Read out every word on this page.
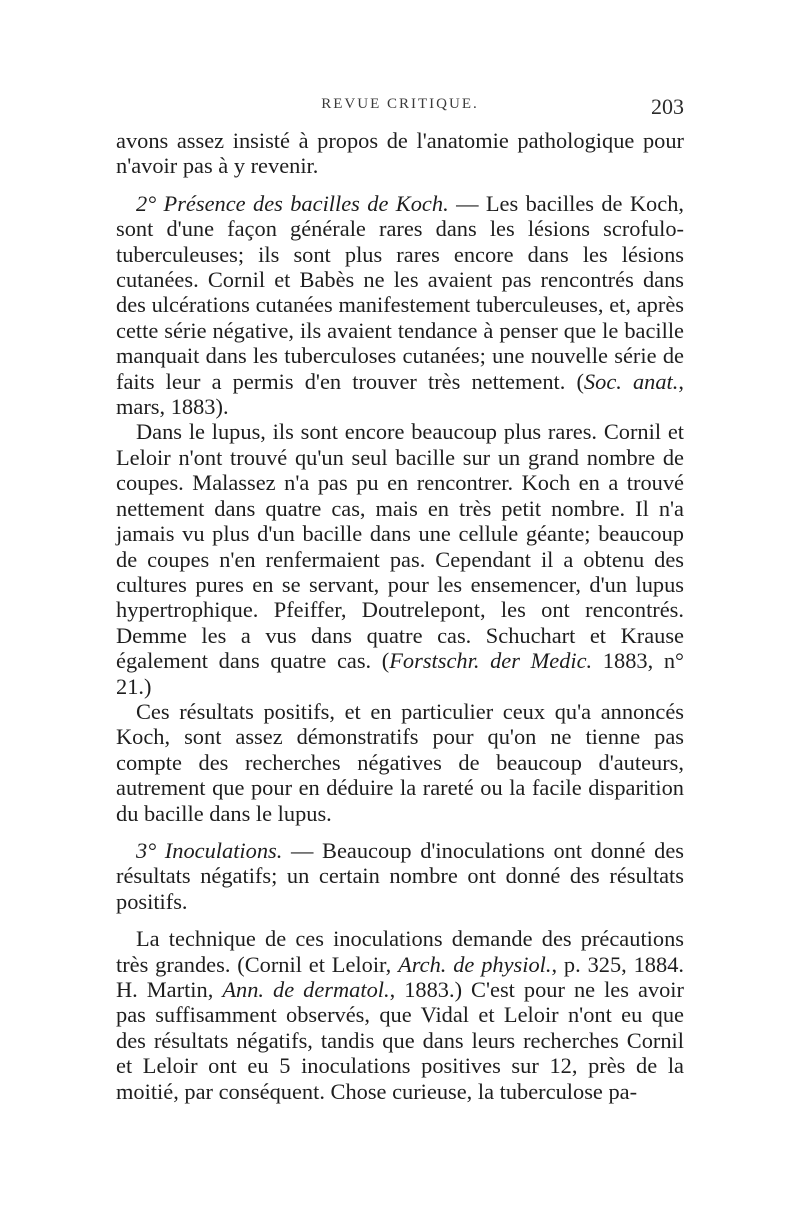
REVUE CRITIQUE.	203

avons assez insisté à propos de l'anatomie pathologique pour n'avoir pas à y revenir.

2° Présence des bacilles de Koch. — Les bacilles de Koch, sont d'une façon générale rares dans les lésions scrofulo-tuberculeuses; ils sont plus rares encore dans les lésions cutanées. Cornil et Babès ne les avaient pas rencontrés dans des ulcérations cutanées manifestement tuberculeuses, et, après cette série négative, ils avaient tendance à penser que le bacille manquait dans les tuberculoses cutanées; une nouvelle série de faits leur a permis d'en trouver très nettement. (Soc. anat., mars, 1883).

Dans le lupus, ils sont encore beaucoup plus rares. Cornil et Leloir n'ont trouvé qu'un seul bacille sur un grand nombre de coupes. Malassez n'a pas pu en rencontrer. Koch en a trouvé nettement dans quatre cas, mais en très petit nombre. Il n'a jamais vu plus d'un bacille dans une cellule géante; beaucoup de coupes n'en renfermaient pas. Cependant il a obtenu des cultures pures en se servant, pour les ensemencer, d'un lupus hypertrophique. Pfeiffer, Doutrelepont, les ont rencontrés. Demme les a vus dans quatre cas. Schuchart et Krause également dans quatre cas. (Forstschr. der Medic. 1883, n° 21.)

Ces résultats positifs, et en particulier ceux qu'a annoncés Koch, sont assez démonstratifs pour qu'on ne tienne pas compte des recherches négatives de beaucoup d'auteurs, autrement que pour en déduire la rareté ou la facile disparition du bacille dans le lupus.

3° Inoculations. — Beaucoup d'inoculations ont donné des résultats négatifs; un certain nombre ont donné des résultats positifs.

La technique de ces inoculations demande des précautions très grandes. (Cornil et Leloir, Arch. de physiol., p. 325, 1884. H. Martin, Ann. de dermatol., 1883.) C'est pour ne les avoir pas suffisamment observés, que Vidal et Leloir n'ont eu que des résultats négatifs, tandis que dans leurs recherches Cornil et Leloir ont eu 5 inoculations positives sur 12, près de la moitié, par conséquent. Chose curieuse, la tuberculose pa-
